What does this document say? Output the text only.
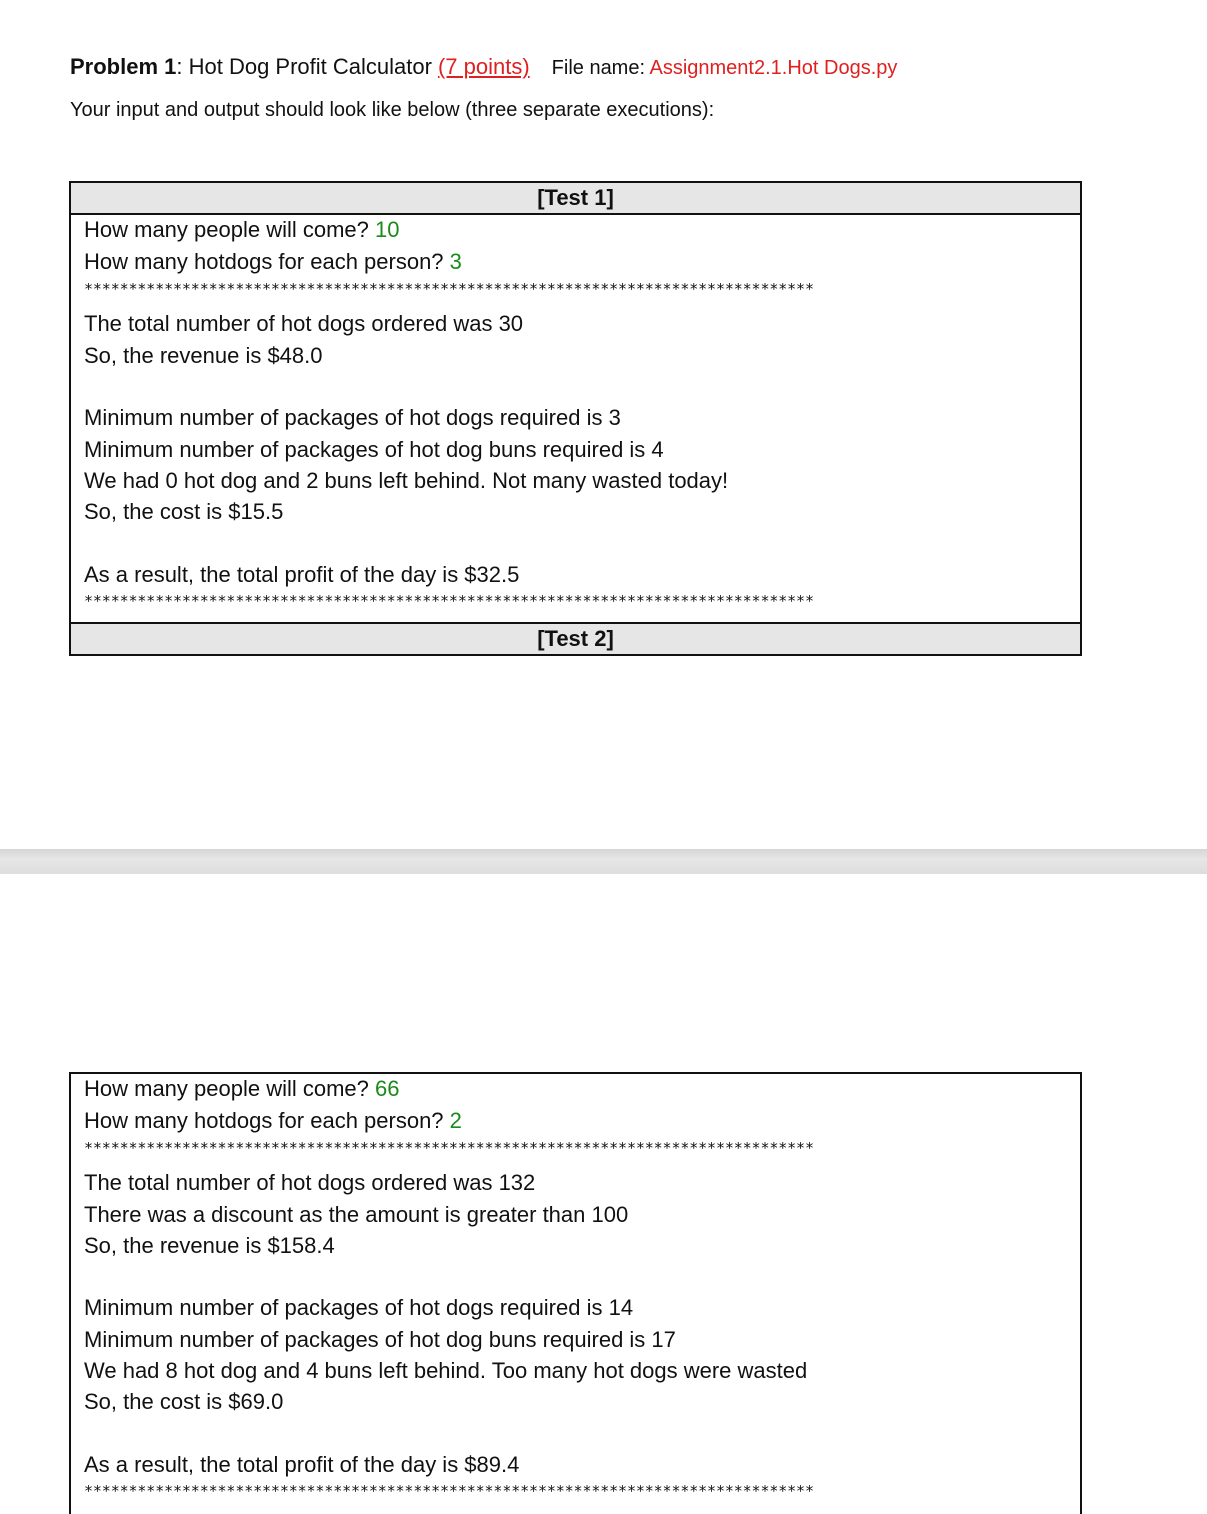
Problem 1: Hot Dog Profit Calculator (7 points) File name: Assignment2.1.Hot Dogs.py
Your input and output should look like below (three separate executions):
[Test 1]
How many people will come? 10
How many hotdogs for each person? 3
**********************************************************************************
The total number of hot dogs ordered was 30
So, the revenue is $48.0
Minimum number of packages of hot dogs required is 3
Minimum number of packages of hot dog buns required is 4
We had 0 hot dog and 2 buns left behind. Not many wasted today!
So, the cost is $15.5
As a result, the total profit of the day is $32.5
**********************************************************************************
[Test 2]
How many people will come? 66
How many hotdogs for each person? 2
**********************************************************************************
The total number of hot dogs ordered was 132
There was a discount as the amount is greater than 100
So, the revenue is $158.4
Minimum number of packages of hot dogs required is 14
Minimum number of packages of hot dog buns required is 17
We had 8 hot dog and 4 buns left behind. Too many hot dogs were wasted
So, the cost is $69.0
As a result, the total profit of the day is $89.4
**********************************************************************************
